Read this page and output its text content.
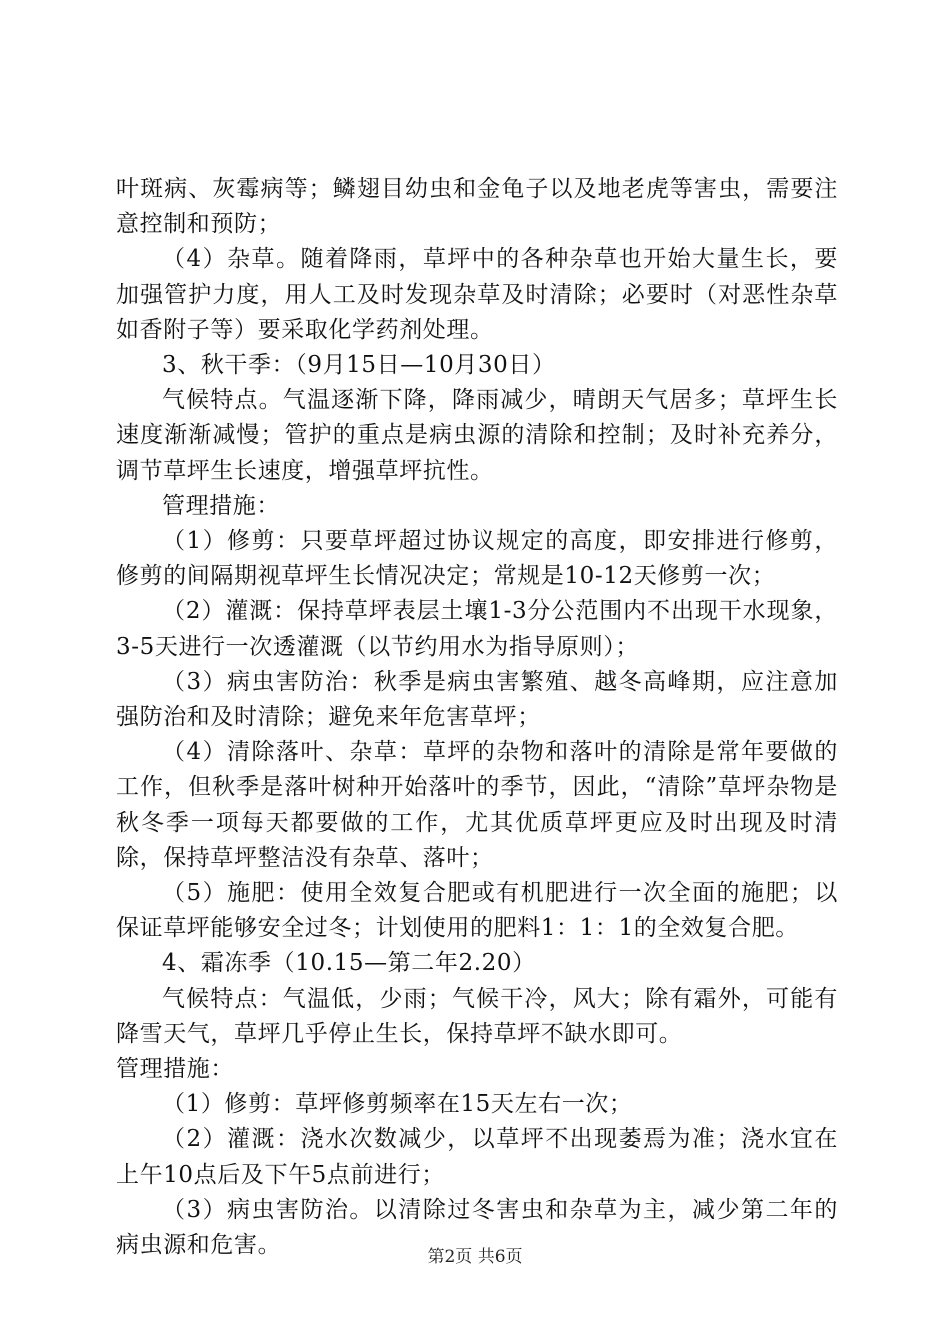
叶斑病、灰霉病等；鳞翅目幼虫和金龟子以及地老虎等害虫，需要注意控制和预防；

（4）杂草。随着降雨，草坪中的各种杂草也开始大量生长，要加强管护力度，用人工及时发现杂草及时清除；必要时（对恶性杂草如香附子等）要采取化学药剂处理。

3、秋干季：（9月15日—10月30日）

气候特点。气温逐渐下降，降雨减少，晴朗天气居多；草坪生长速度渐渐减慢；管护的重点是病虫源的清除和控制；及时补充养分，调节草坪生长速度，增强草坪抗性。

管理措施：

（1）修剪：只要草坪超过协议规定的高度，即安排进行修剪，修剪的间隔期视草坪生长情况决定；常规是10-12天修剪一次；

（2）灌溉：保持草坪表层土壤1-3分公范围内不出现干水现象，3-5天进行一次透灌溉（以节约用水为指导原则）；

（3）病虫害防治：秋季是病虫害繁殖、越冬高峰期，应注意加强防治和及时清除；避免来年危害草坪；

（4）清除落叶、杂草：草坪的杂物和落叶的清除是常年要做的工作，但秋季是落叶树种开始落叶的季节，因此，“清除”草坪杂物是秋冬季一项每天都要做的工作，尤其优质草坪更应及时出现及时清除，保持草坪整洁没有杂草、落叶；

（5）施肥：使用全效复合肥或有机肥进行一次全面的施肥；以保证草坪能够安全过冬；计划使用的肥料1：1：1的全效复合肥。

4、霜冻季（10.15—第二年2.20）

气候特点：气温低，少雨；气候干冷，风大；除有霜外，可能有降雪天气，草坪几乎停止生长，保持草坪不缺水即可。

管理措施：

（1）修剪：草坪修剪频率在15天左右一次；

（2）灌溉：浇水次数减少，以草坪不出现萎焉为准；浇水宜在上午10点后及下午5点前进行；

（3）病虫害防治。以清除过冬害虫和杂草为主，减少第二年的病虫源和危害。	第2页 共6页
